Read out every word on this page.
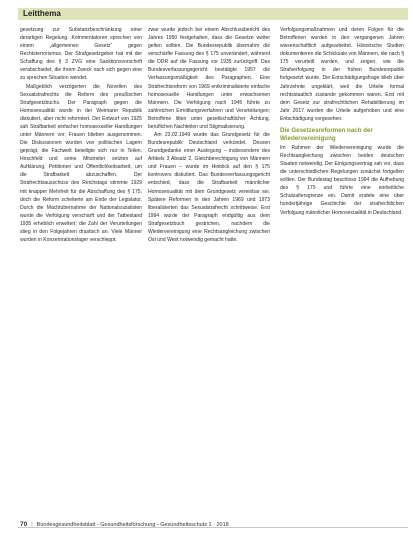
Leitthema

gesetzung zur Substanzbeschränkung einer derartigen Regelung. Kommentatoren sprechen von einem „allgemeinen Gesetz“ gegen Rechtsterrorismus. Der Strafgesetzgeber hat mit der Schaffung des § 3 ZVG eine Sanktionsvorschrift verabschiedet, die ihrem Zweck nach sich gegen eine zu sprechen Situation wendet.

Maßgeblich verzögerten die Novellen des Sexualstrafrechts die Reform des preußischen Strafgesetzbuchs. Der Paragraph gegen die Homosexualität wurde in der Weimarer Republik diskutiert, aber nicht reformiert. Der Entwurf von 1925 sah Strafbarkeit einfacher homosexueller Handlungen unter Männern vor; Frauen blieben ausgenommen. Die Diskussionen wurden von politischen Lagern geprägt, die Fachwelt beteiligte sich nur in Teilen. Hirschfeld und seine Mitstreiter setzten auf Aufklärung, Petitionen und Öffentlichkeitsarbeit, um die Strafbarkeit abzuschaffen. Der Strafrechtsausschuss des Reichstags stimmte 1929 mit knapper Mehrheit für die Abschaffung des § 175, doch die Reform scheiterte am Ende der Legislatur. Durch die Machtübernahme der Nationalsozialisten wurde die Verfolgung verschärft und der Tatbestand 1935 erheblich erweitert; die Zahl der Verurteilungen stieg in den Folgejahren drastisch an. Viele Männer wurden in Konzentrationslager verschleppt.

zwar wurde jedoch bei einem Abschlussbericht des Jahres 1950 festgehalten, dass die Gesetze weiter gelten sollten. Die Bundesrepublik übernahm die verschärfte Fassung des § 175 unverändert, während die DDR auf die Fassung vor 1935 zurückgriff. Das Bundesverfassungsgericht bestätigte 1957 die Verfassungsmäßigkeit des Paragraphen. Eine Strafrechtsreform von 1969 entkriminalisierte einfache homosexuelle Handlungen unter erwachsenen Männern. Die Verfolgung nach 1945 führte zu zahlreichen Ermittlungsverfahren und Verurteilungen; Betroffene litten unter gesellschaftlicher Ächtung, beruflichen Nachteilen und Stigmatisierung.

Am 23.02.1949 wurde das Grundgesetz für die Bundesrepublik Deutschland verkündet. Dessen Grundgedanke einer Auslegung – insbesondere des Artikels 3 Absatz 2, Gleichberechtigung von Männern und Frauen – wurde im Hinblick auf den § 175 kontrovers diskutiert. Das Bundesverfassungsgericht entschied, dass die Strafbarkeit männlicher Homosexualität mit dem Grundgesetz vereinbar sei. Spätere Reformen in den Jahren 1969 und 1973 liberalisierten das Sexualstrafrecht schrittweise. Erst 1994 wurde der Paragraph endgültig aus dem Strafgesetzbuch gestrichen, nachdem die Wiedervereinigung eine Rechtsangleichung zwischen Ost und West notwendig gemacht hatte.

Verfolgungsmaßnahmen und deren Folgen für die Betroffenen wurden in den vergangenen Jahren wissenschaftlich aufgearbeitet. Historische Studien dokumentieren die Schicksale von Männern, die nach § 175 verurteilt wurden, und zeigen, wie die Strafverfolgung in der frühen Bundesrepublik fortgesetzt wurde. Die Entschädigungsfrage blieb über Jahrzehnte ungeklärt, weil die Urteile formal rechtsstaatlich zustande gekommen waren. Erst mit dem Gesetz zur strafrechtlichen Rehabilitierung im Jahr 2017 wurden die Urteile aufgehoben und eine Entschädigung vorgesehen.

Die Gesetzesreformen nach der Wiedervereinigung

Im Rahmen der Wiedervereinigung wurde die Rechtsangleichung zwischen beiden deutschen Staaten notwendig. Der Einigungsvertrag sah vor, dass die unterschiedlichen Regelungen zunächst fortgelten sollten. Der Bundestag beschloss 1994 die Aufhebung des § 175 und führte eine einheitliche Schutzaltersgrenze ein. Damit endete eine über hundertjährige Geschichte der strafrechtlichen Verfolgung männlicher Homosexualität in Deutschland.

70 | Bundesgesundheitsblatt - Gesundheitsforschung - Gesundheitsschutz 1 · 2018
